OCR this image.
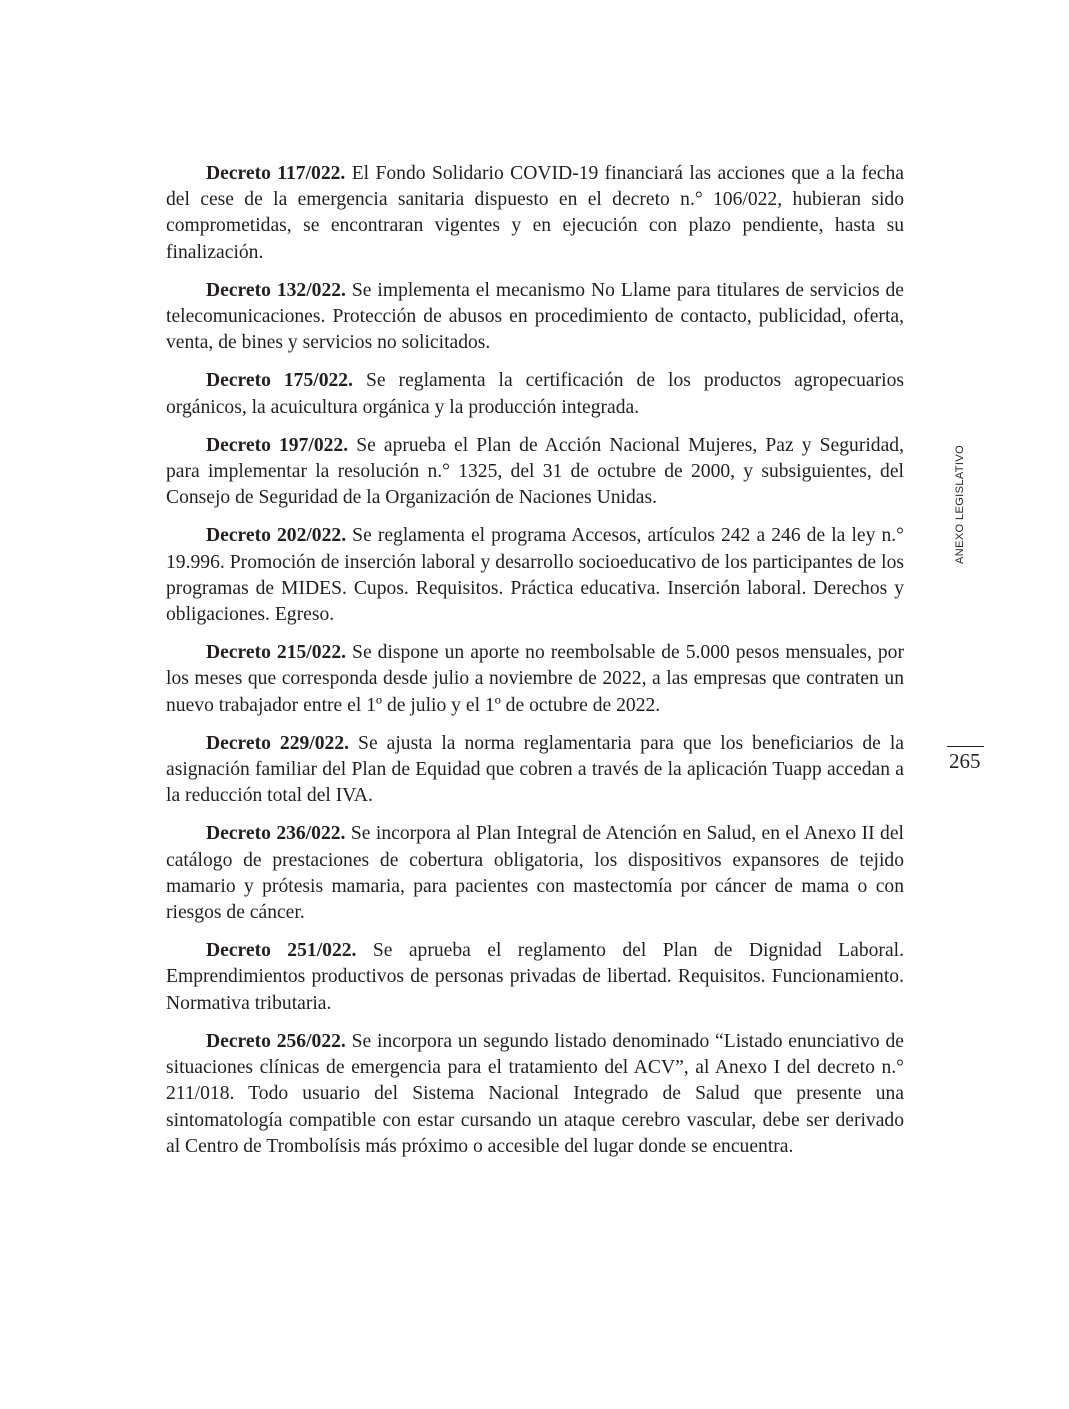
Decreto 117/022. El Fondo Solidario COVID-19 financiará las acciones que a la fecha del cese de la emergencia sanitaria dispuesto en el decreto n.° 106/022, hubieran sido comprometidas, se encontraran vigentes y en ejecución con plazo pendiente, hasta su finalización.

Decreto 132/022. Se implementa el mecanismo No Llame para titulares de servicios de telecomunicaciones. Protección de abusos en procedimiento de contacto, publicidad, oferta, venta, de bines y servicios no solicitados.

Decreto 175/022. Se reglamenta la certificación de los productos agropecuarios orgánicos, la acuicultura orgánica y la producción integrada.

Decreto 197/022. Se aprueba el Plan de Acción Nacional Mujeres, Paz y Seguridad, para implementar la resolución n.° 1325, del 31 de octubre de 2000, y subsiguientes, del Consejo de Seguridad de la Organización de Naciones Unidas.

Decreto 202/022. Se reglamenta el programa Accesos, artículos 242 a 246 de la ley n.° 19.996. Promoción de inserción laboral y desarrollo socioeducativo de los participantes de los programas de MIDES. Cupos. Requisitos. Práctica educativa. Inserción laboral. Derechos y obligaciones. Egreso.

Decreto 215/022. Se dispone un aporte no reembolsable de 5.000 pesos mensuales, por los meses que corresponda desde julio a noviembre de 2022, a las empresas que contraten un nuevo trabajador entre el 1º de julio y el 1º de octubre de 2022.

Decreto 229/022. Se ajusta la norma reglamentaria para que los beneficiarios de la asignación familiar del Plan de Equidad que cobren a través de la aplicación Tuapp accedan a la reducción total del IVA.

Decreto 236/022. Se incorpora al Plan Integral de Atención en Salud, en el Anexo II del catálogo de prestaciones de cobertura obligatoria, los dispositivos expansores de tejido mamario y prótesis mamaria, para pacientes con mastectomía por cáncer de mama o con riesgos de cáncer.

Decreto 251/022. Se aprueba el reglamento del Plan de Dignidad Laboral. Emprendimientos productivos de personas privadas de libertad. Requisitos. Funcionamiento. Normativa tributaria.

Decreto 256/022. Se incorpora un segundo listado denominado “Listado enunciativo de situaciones clínicas de emergencia para el tratamiento del ACV”, al Anexo I del decreto n.° 211/018. Todo usuario del Sistema Nacional Integrado de Salud que presente una sintomatología compatible con estar cursando un ataque cerebro vascular, debe ser derivado al Centro de Trombolísis más próximo o accesible del lugar donde se encuentra.

ANEXO LEGISLATIVO
265
